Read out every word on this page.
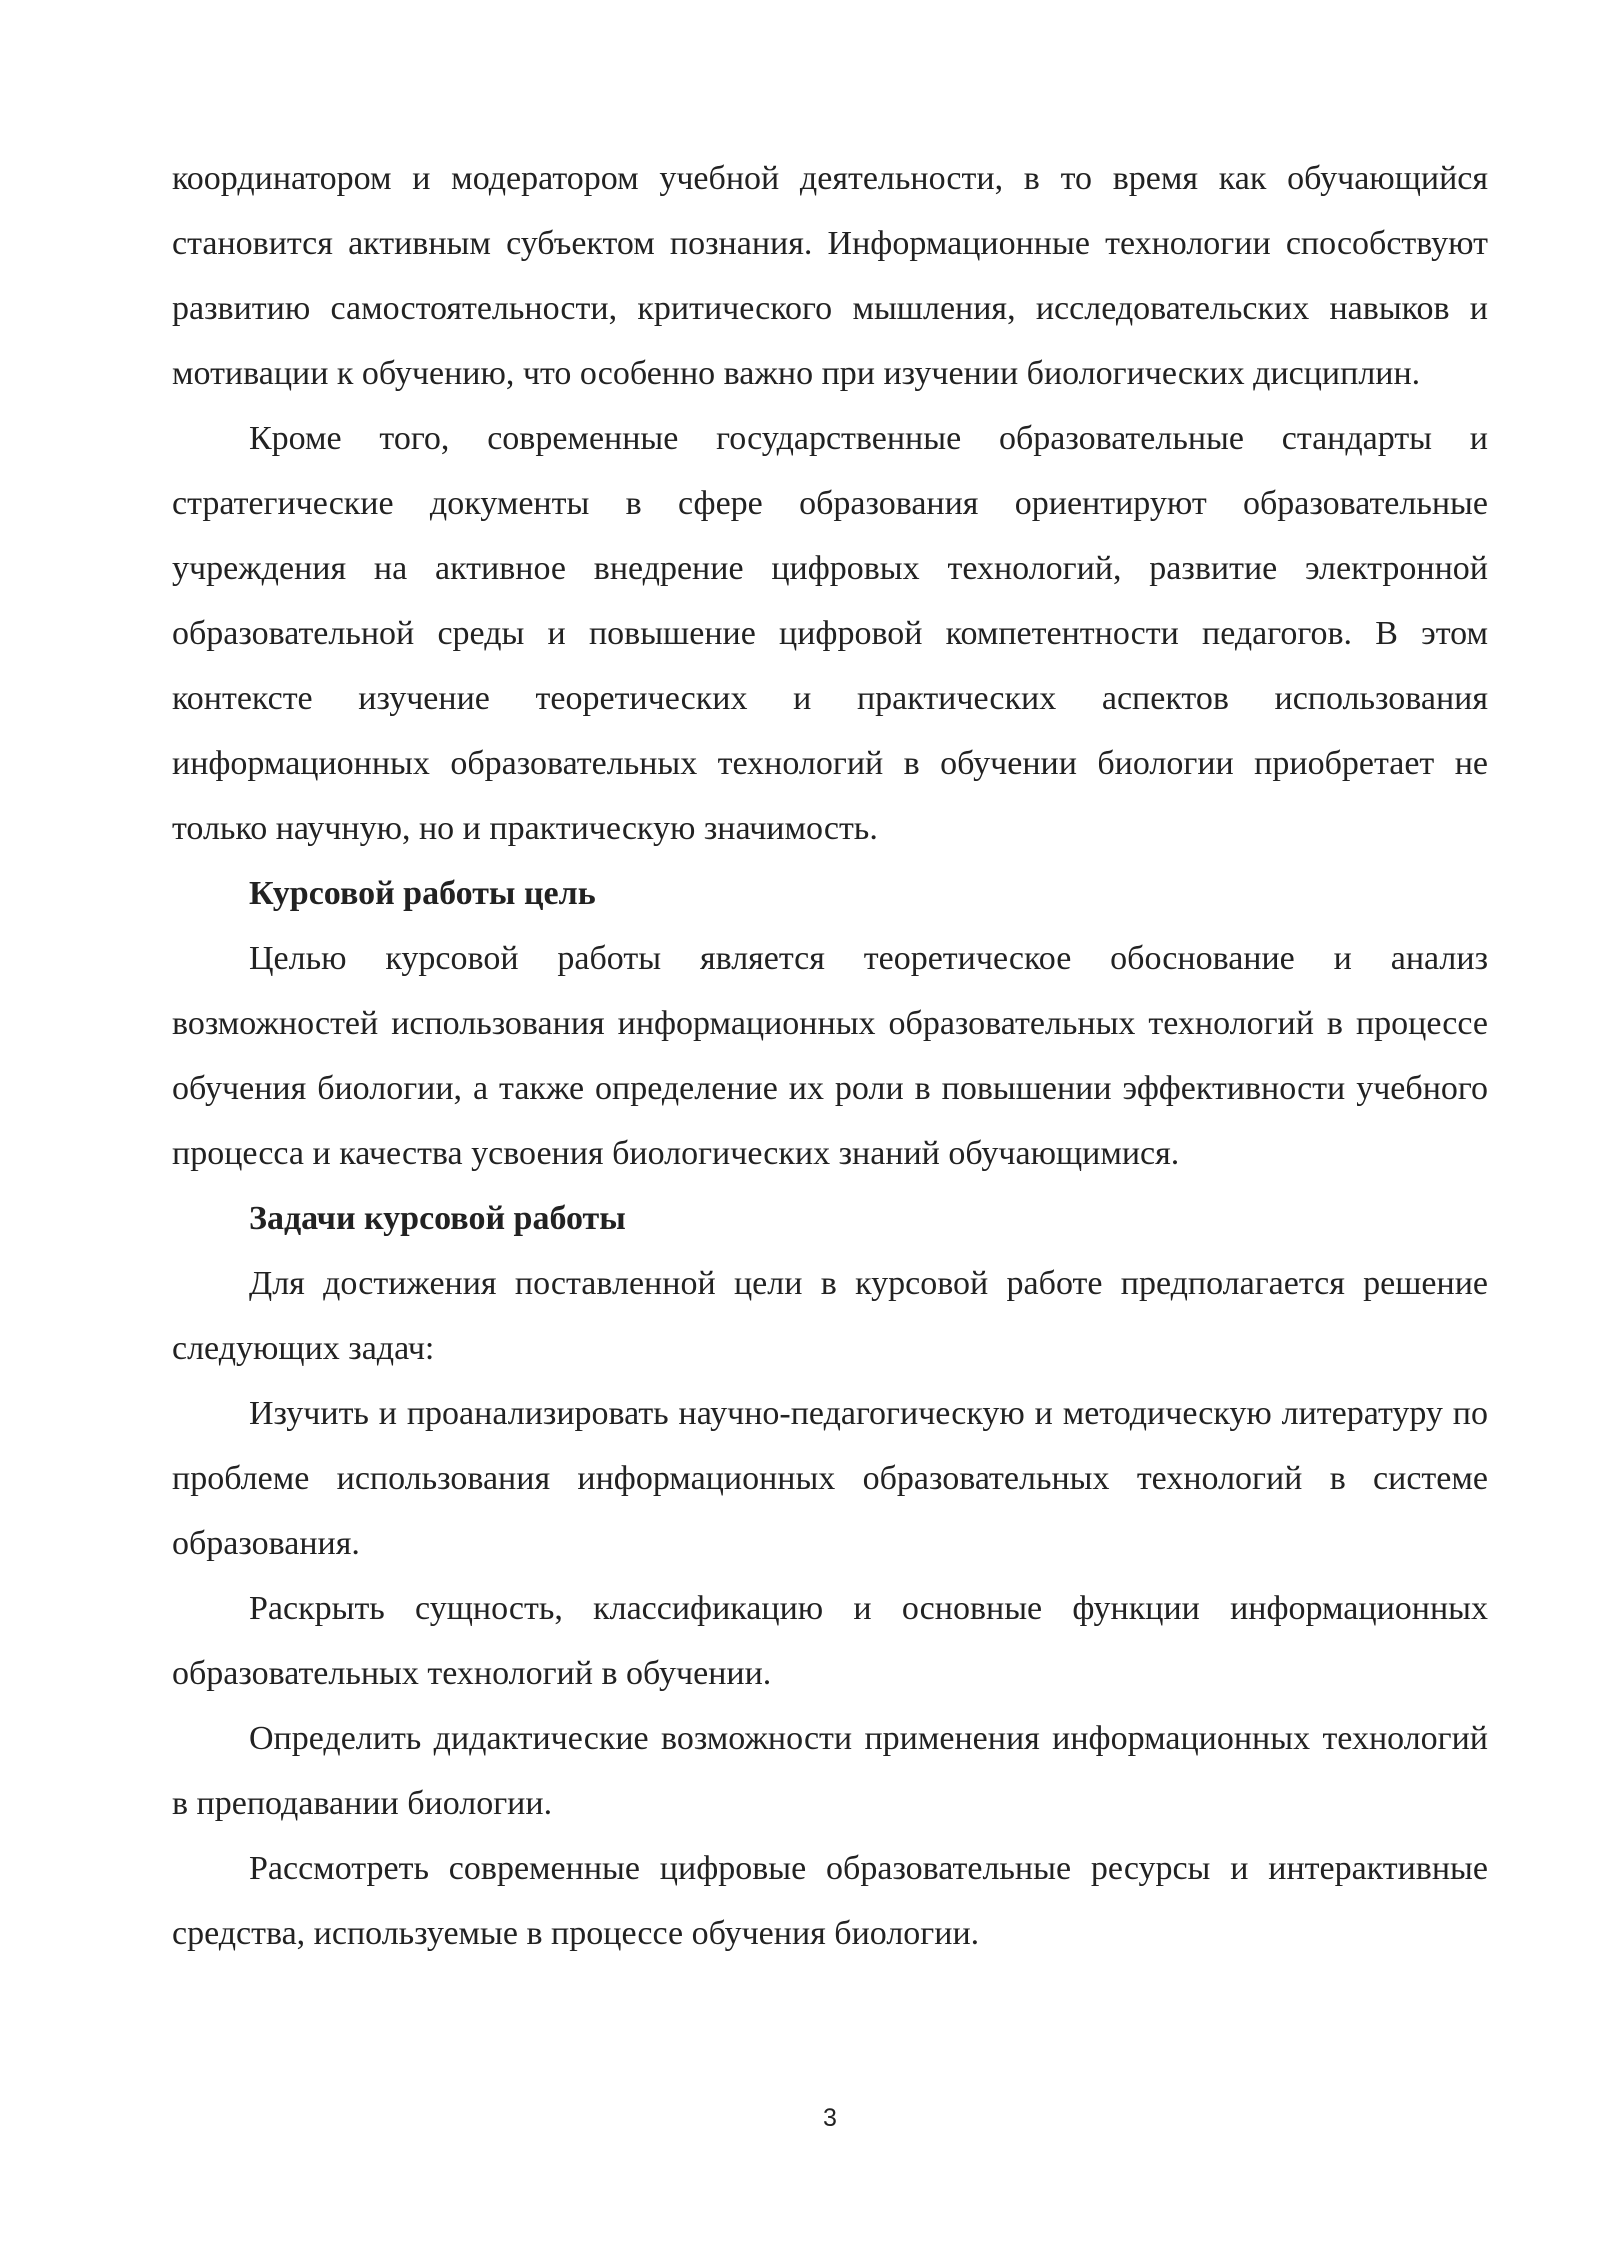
координатором и модератором учебной деятельности, в то время как обучающийся становится активным субъектом познания. Информационные технологии способствуют развитию самостоятельности, критического мышления, исследовательских навыков и мотивации к обучению, что особенно важно при изучении биологических дисциплин.

Кроме того, современные государственные образовательные стандарты и стратегические документы в сфере образования ориентируют образовательные учреждения на активное внедрение цифровых технологий, развитие электронной образовательной среды и повышение цифровой компетентности педагогов. В этом контексте изучение теоретических и практических аспектов использования информационных образовательных технологий в обучении биологии приобретает не только научную, но и практическую значимость.

Курсовой работы цель

Целью курсовой работы является теоретическое обоснование и анализ возможностей использования информационных образовательных технологий в процессе обучения биологии, а также определение их роли в повышении эффективности учебного процесса и качества усвоения биологических знаний обучающимися.

Задачи курсовой работы

Для достижения поставленной цели в курсовой работе предполагается решение следующих задач:

Изучить и проанализировать научно-педагогическую и методическую литературу по проблеме использования информационных образовательных технологий в системе образования.

Раскрыть сущность, классификацию и основные функции информационных образовательных технологий в обучении.

Определить дидактические возможности применения информационных технологий в преподавании биологии.

Рассмотреть современные цифровые образовательные ресурсы и интерактивные средства, используемые в процессе обучения биологии.

3
